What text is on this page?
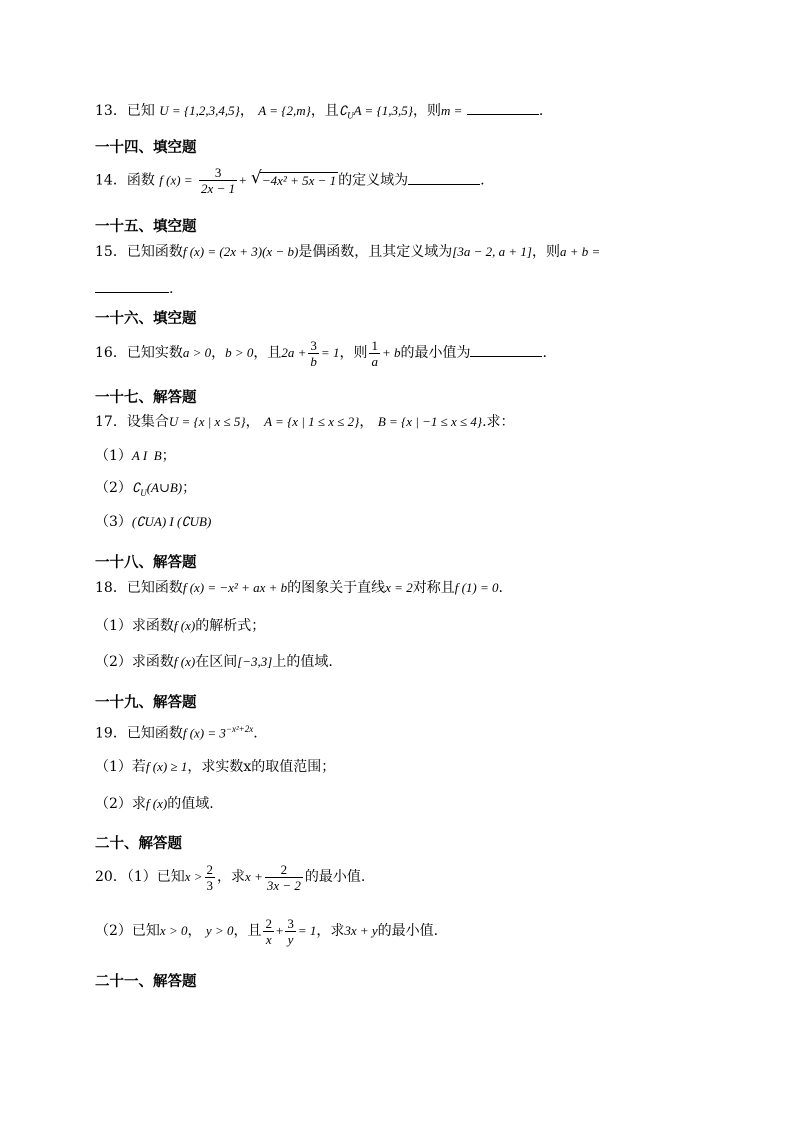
13．已知 U = {1,2,3,4,5}， A = {2,m}，且$∁_UA = \{1,3,5\}$，则m =	.
一十四、填空题
14．函数 f $(x) = \frac{3}{2x - 1}$ + √ −4x² + 5x − 1 的定义域为	.
一十五、填空题
15．已知函数f (x) = (2x + 3)(x − b)是偶函数，且其定义域为[3a − 2, a + 1]，则a + b =
.
一十六、填空题
16．已知实数a > 0，b > 0，且$2a + \frac{3}{b} = 1$，则 $\frac{1}{a} + b$的最小值为	.
一十七、解答题
17．设集合U = {x | x ≤ 5}， A = {x | 1 ≤ x ≤ 2}， B = {x | −1 ≤ x ≤ 4}.求：
（1）A I  B；
$(2)∁_U(A\cup B)$；
（3）(∁UA) I (∁UB)
一十八、解答题
18．已知函数f (x) = −x² + ax + b的图象关于直线x = 2对称且f (1) = 0.
（1）求函数f (x)的解析式；
（2）求函数f (x)在区间[−3,3]上的值域.
一十九、解答题
19．已知函数f $(x) = 3^{-x^2+2x}$.
（1）若f (x) ≥ 1，求实数x的取值范围；
（2）求f (x)的值域.
二十、解答题
20．（1）已知$x > \frac{2}{3}$ ，求$x + \frac{2}{3x - 2}$ 的最小值.
（2）已知x > 0， y > 0，且 $\frac{2}{x} + \frac{3}{y} = 1$，求3x + y的最小值.
二十一、解答题
